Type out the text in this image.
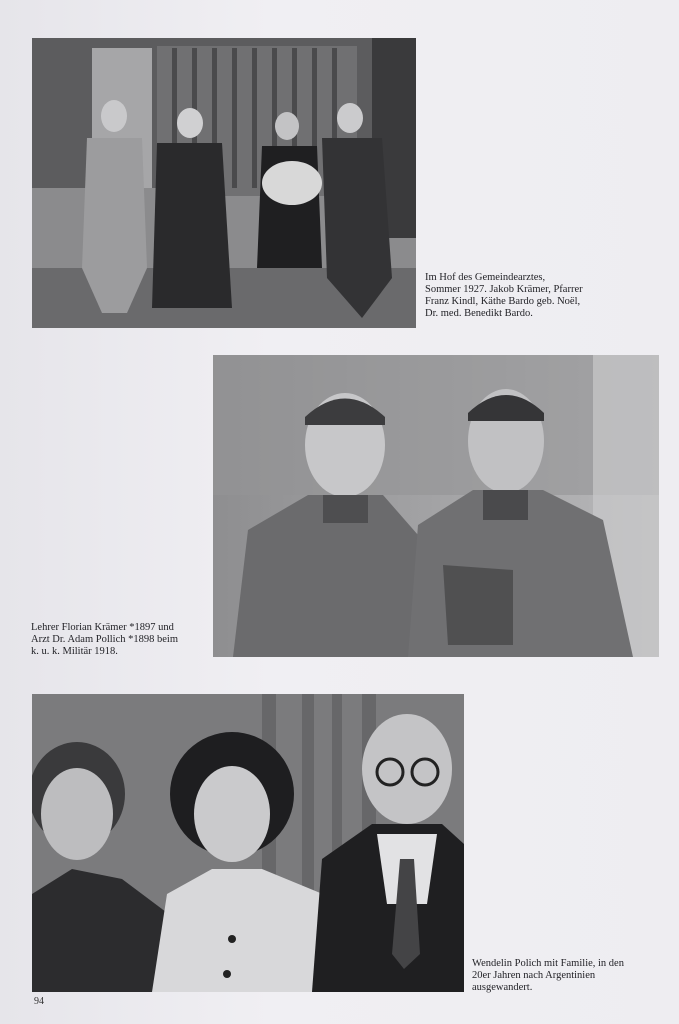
Im Hof des Gemeindearztes,
Sommer 1927. Jakob Krämer, Pfarrer
Franz Kindl, Käthe Bardo geb. Noël,
Dr. med. Benedikt Bardo.
Lehrer Florian Krämer *1897 und
Arzt Dr. Adam Pollich *1898 beim
k. u. k. Militär 1918.
Wendelin Polich mit Familie, in den
20er Jahren nach Argentinien
ausgewandert.
94
